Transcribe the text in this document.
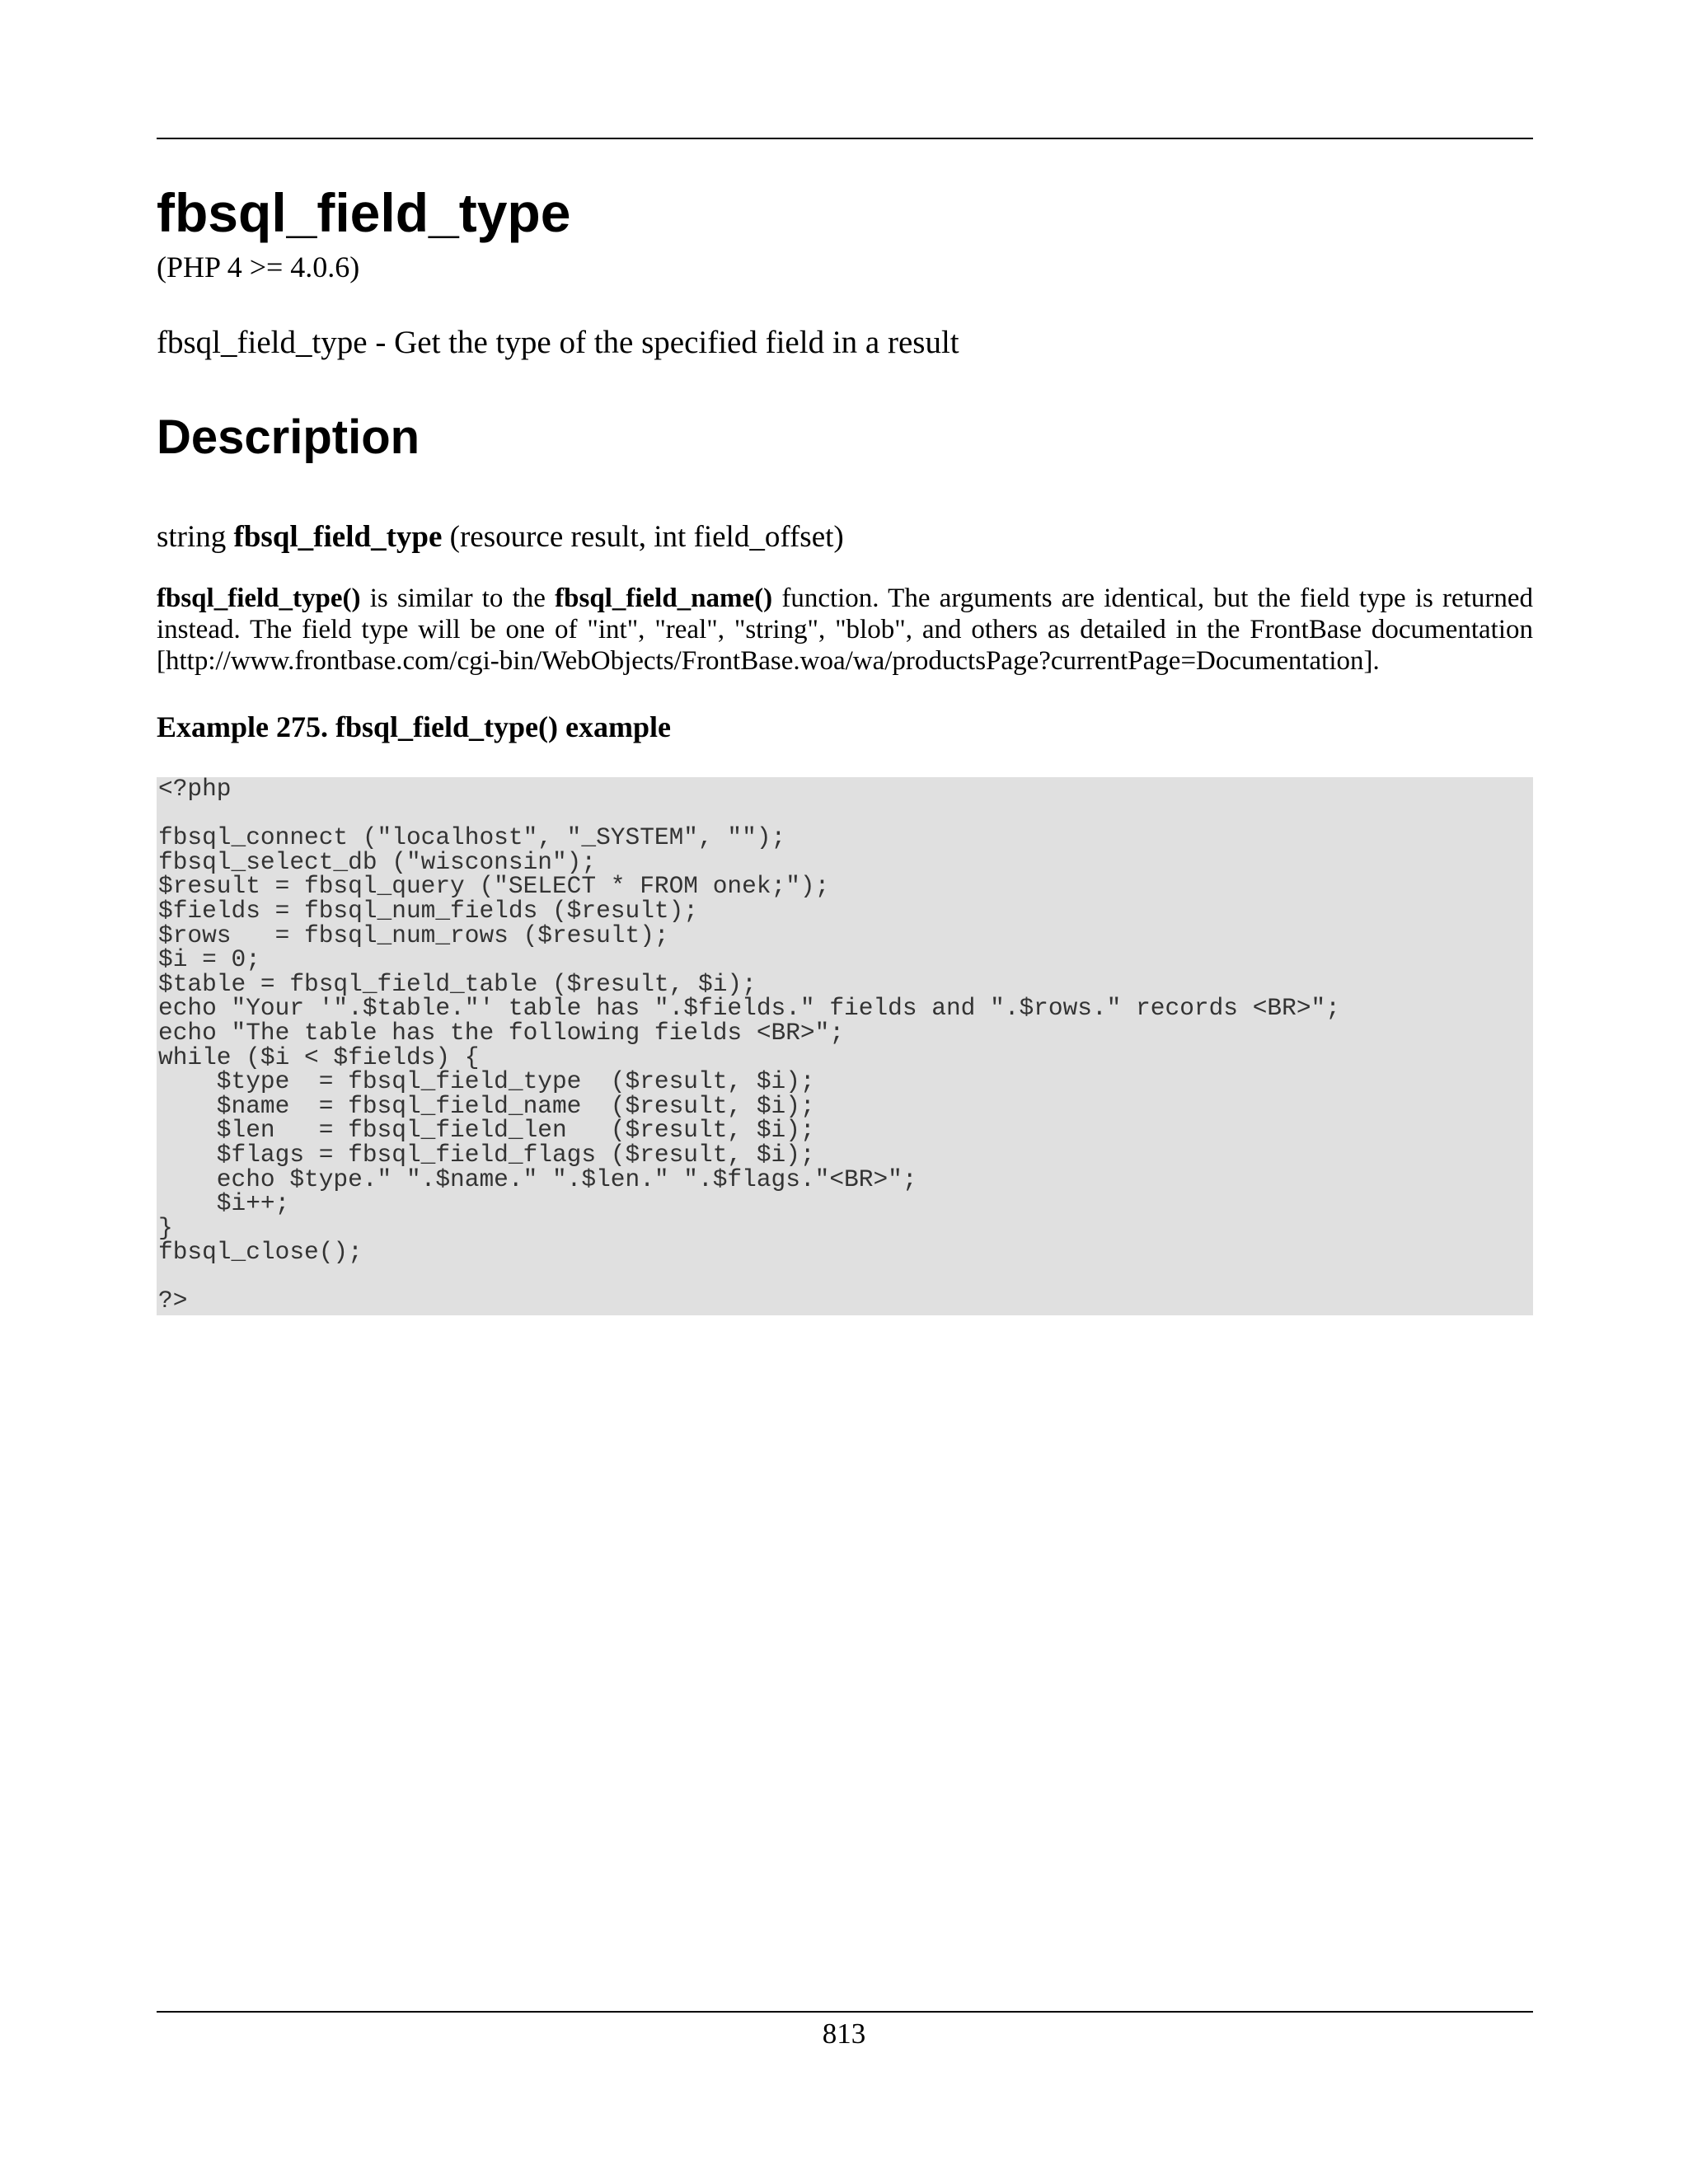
fbsql_field_type
(PHP 4 >= 4.0.6)
fbsql_field_type - Get the type of the specified field in a result
Description
string fbsql_field_type (resource result, int field_offset)
fbsql_field_type() is similar to the fbsql_field_name() function. The arguments are identical, but the field type is returned instead. The field type will be one of "int", "real", "string", "blob", and others as detailed in the FrontBase documentation [http://www.frontbase.com/cgi-bin/WebObjects/FrontBase.woa/wa/productsPage?currentPage=Documentation].
Example 275. fbsql_field_type() example
<?php

fbsql_connect ("localhost", "_SYSTEM", "");
fbsql_select_db ("wisconsin");
$result = fbsql_query ("SELECT * FROM onek;");
$fields = fbsql_num_fields ($result);
$rows   = fbsql_num_rows ($result);
$i = 0;
$table = fbsql_field_table ($result, $i);
echo "Your '".$table."' table has ".$fields." fields and ".$rows." records <BR>";
echo "The table has the following fields <BR>";
while ($i < $fields) {
$type  = fbsql_field_type  ($result, $i);
$name  = fbsql_field_name  ($result, $i);
$len   = fbsql_field_len   ($result, $i);
$flags = fbsql_field_flags ($result, $i);
echo $type." ".$name." ".$len." ".$flags."<BR>";
$i++;
}
fbsql_close();

?>
813
